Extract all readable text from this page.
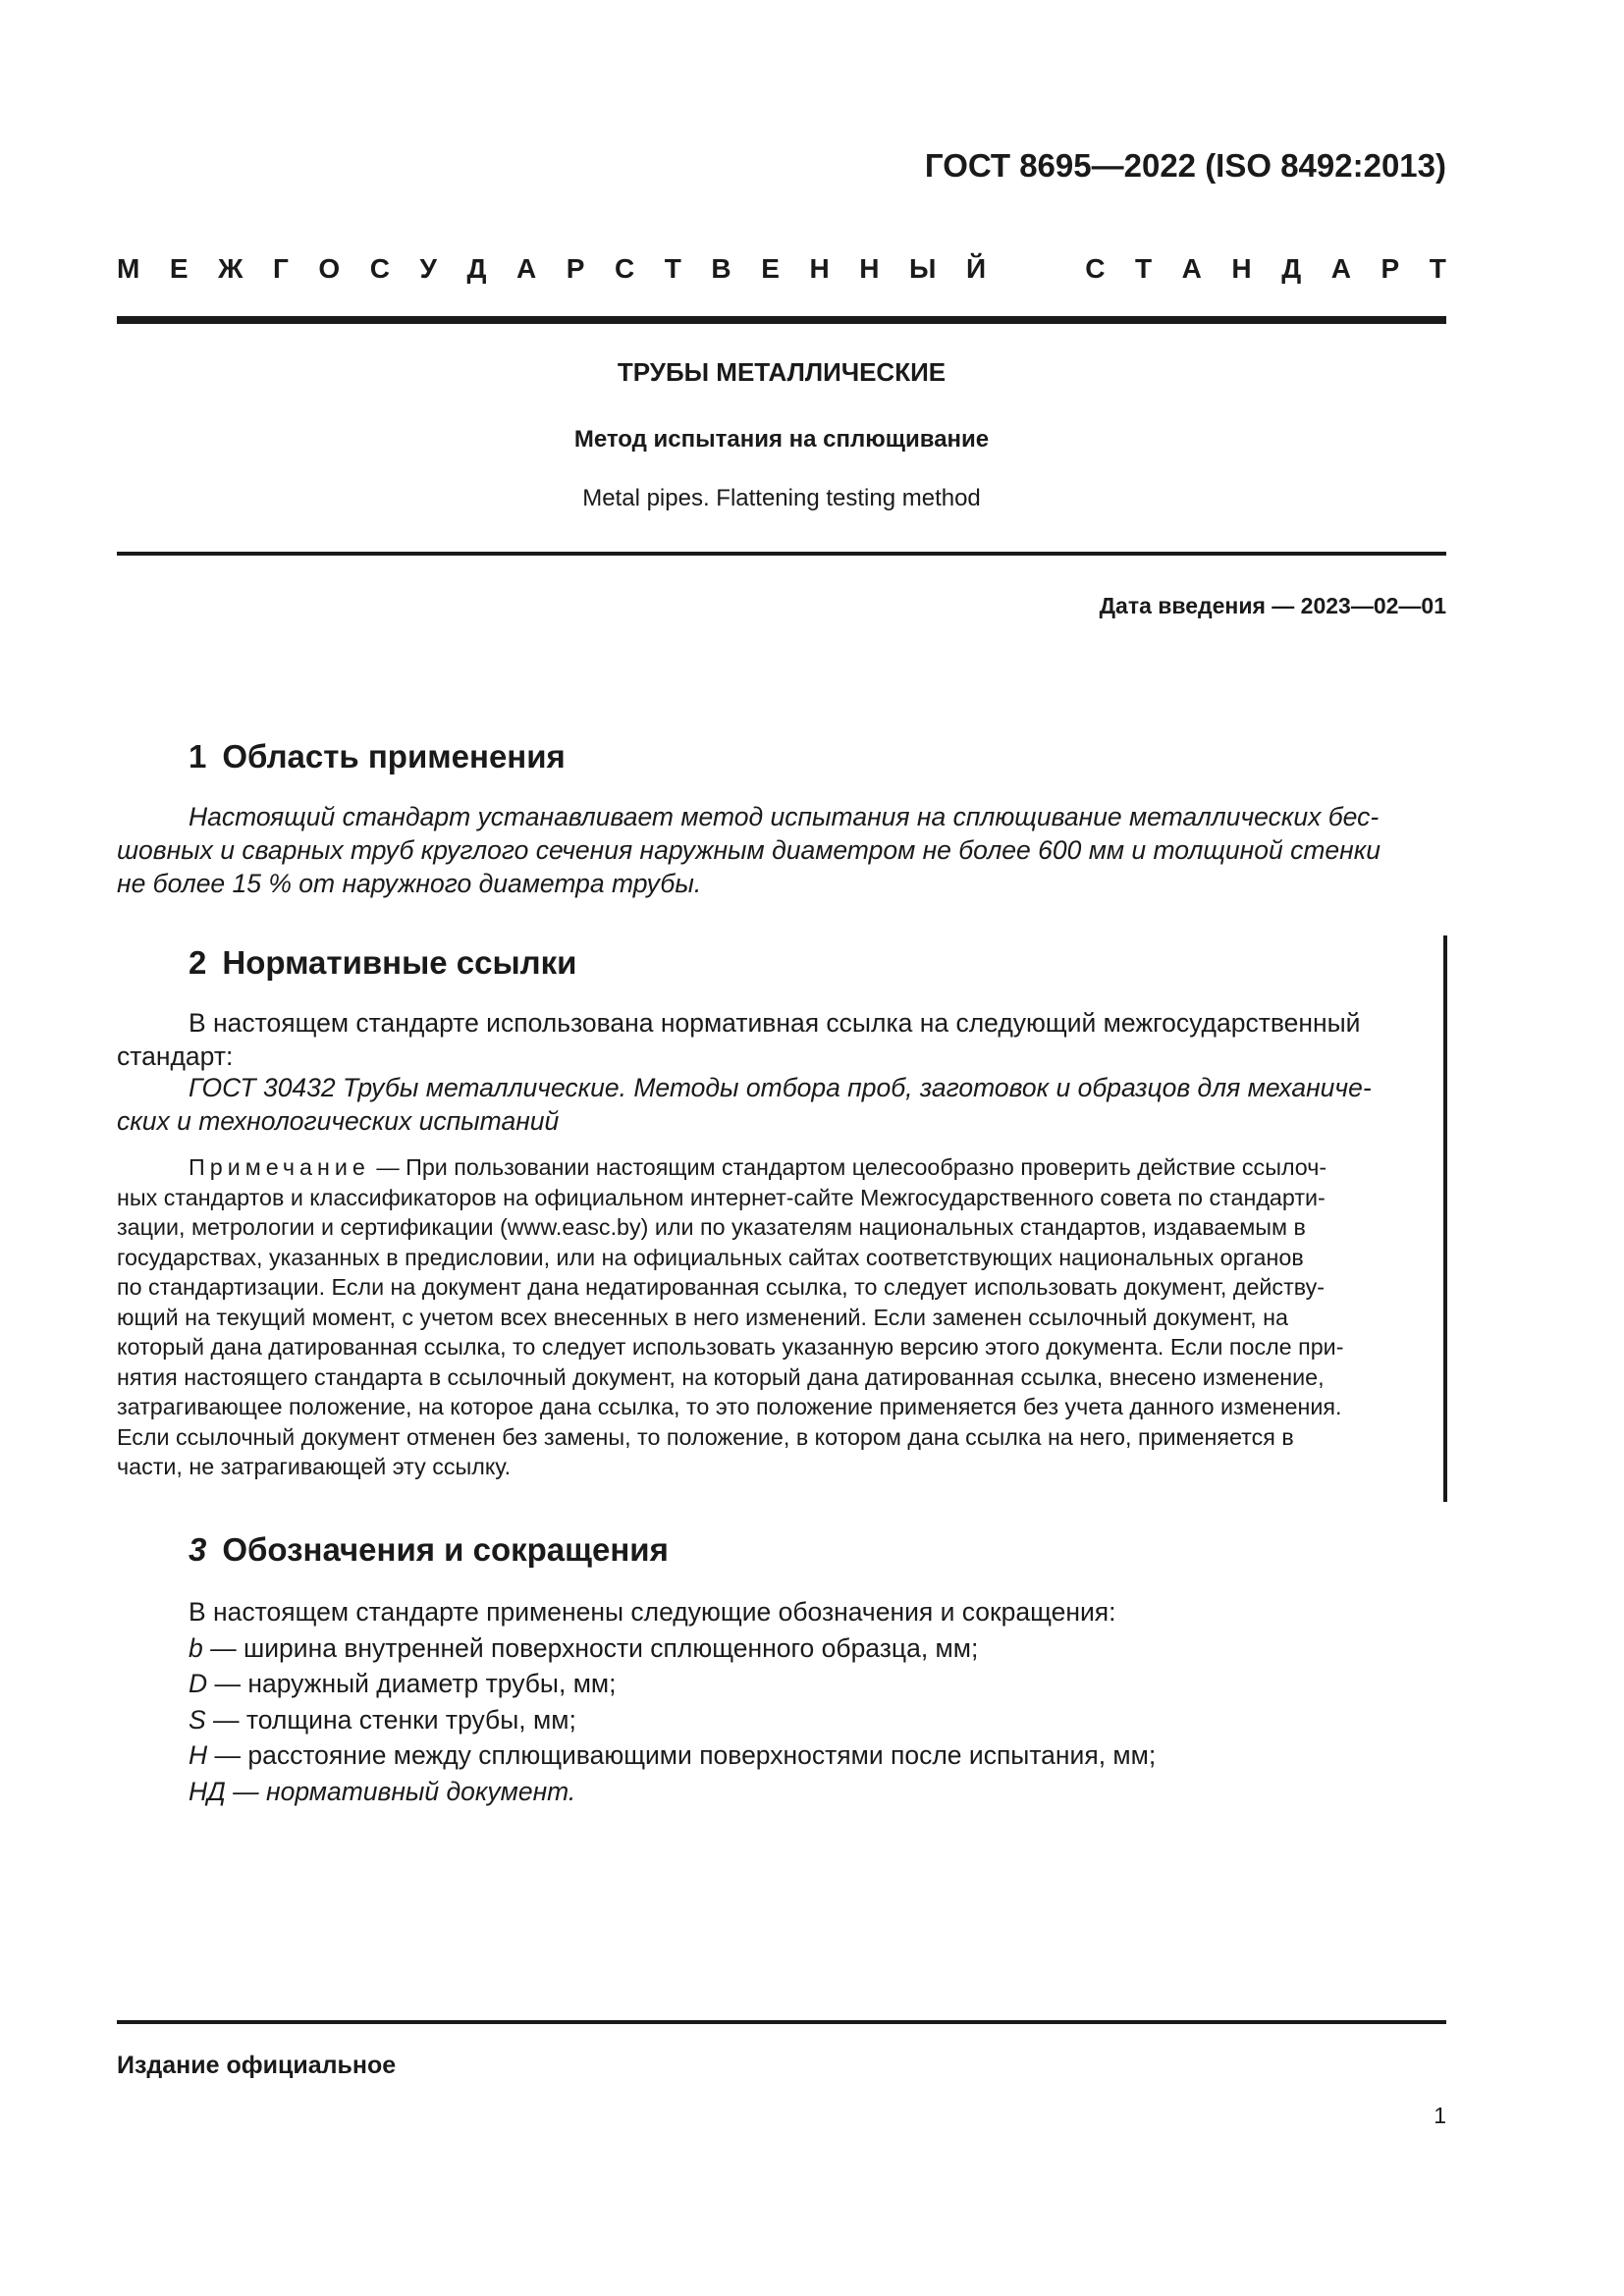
ГОСТ 8695—2022 (ISO 8492:2013)
М Е Ж Г О С У Д А Р С Т В Е Н Н Ы Й	С Т А Н Д А Р Т
ТРУБЫ МЕТАЛЛИЧЕСКИЕ
Метод испытания на сплющивание
Metal pipes. Flattening testing method
Дата введения — 2023—02—01
1 Область применения
Настоящий стандарт устанавливает метод испытания на сплющивание металлических бес-
шовных и сварных труб круглого сечения наружным диаметром не более 600 мм и толщиной стенки
не более 15 % от наружного диаметра трубы.
2 Нормативные ссылки
В настоящем стандарте использована нормативная ссылка на следующий межгосударственный
стандарт:
ГОСТ 30432 Трубы металлические. Методы отбора проб, заготовок и образцов для механиче-
ских и технологических испытаний
Примечание — При пользовании настоящим стандартом целесообразно проверить действие ссылоч-
ных стандартов и классификаторов на официальном интернет-сайте Межгосударственного совета по стандарти-
зации, метрологии и сертификации (www.easc.by) или по указателям национальных стандартов, издаваемым в
государствах, указанных в предисловии, или на официальных сайтах соответствующих национальных органов
по стандартизации. Если на документ дана недатированная ссылка, то следует использовать документ, действу-
ющий на текущий момент, с учетом всех внесенных в него изменений. Если заменен ссылочный документ, на
который дана датированная ссылка, то следует использовать указанную версию этого документа. Если после при-
нятия настоящего стандарта в ссылочный документ, на который дана датированная ссылка, внесено изменение,
затрагивающее положение, на которое дана ссылка, то это положение применяется без учета данного изменения.
Если ссылочный документ отменен без замены, то положение, в котором дана ссылка на него, применяется в
части, не затрагивающей эту ссылку.
3 Обозначения и сокращения
В настоящем стандарте применены следующие обозначения и сокращения:
b — ширина внутренней поверхности сплющенного образца, мм;
D — наружный диаметр трубы, мм;
S — толщина стенки трубы, мм;
H — расстояние между сплющивающими поверхностями после испытания, мм;
НД — нормативный документ.
Издание официальное
1
